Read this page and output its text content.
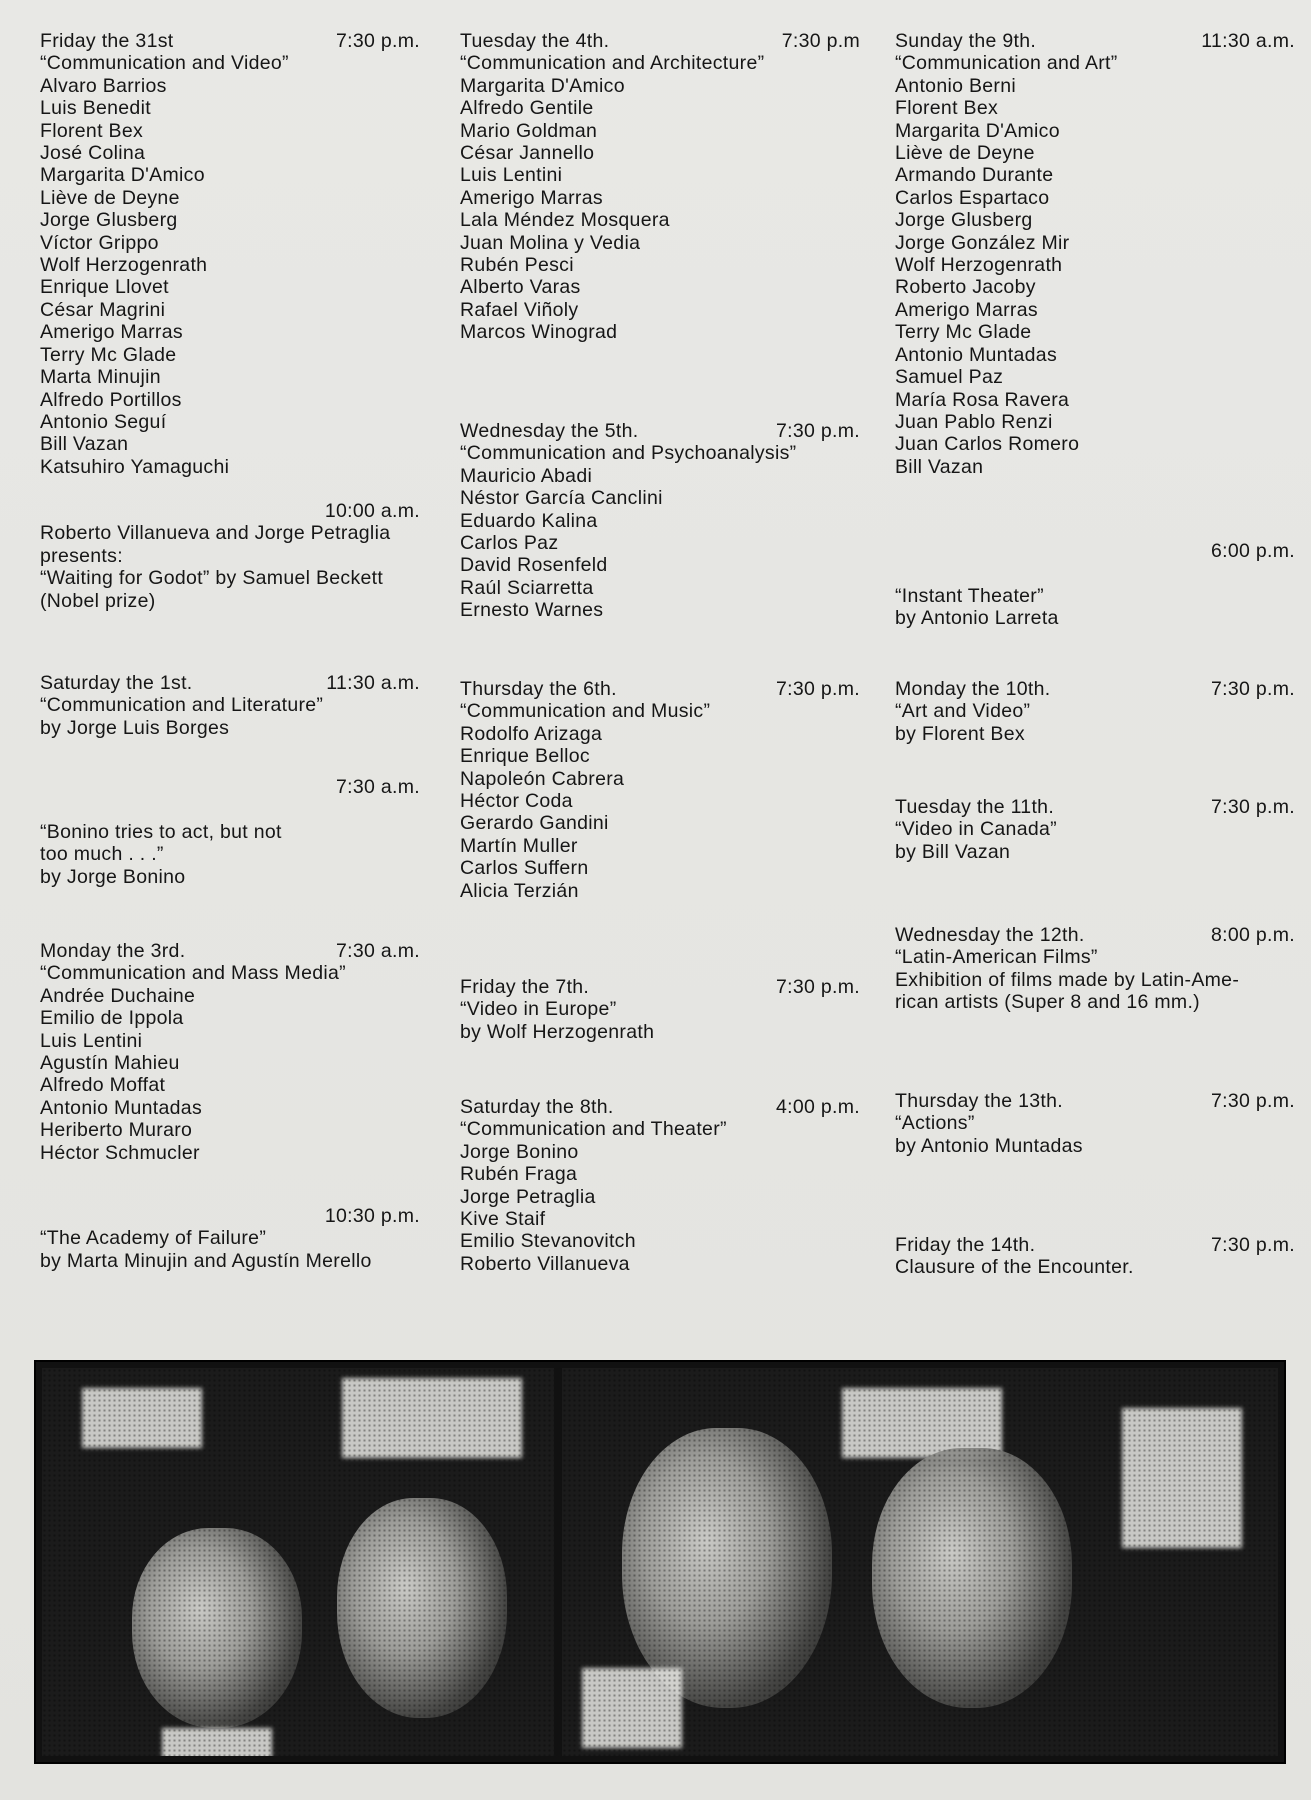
Friday the 31st	7:30 p.m.
“Communication and Video”
Alvaro Barrios
Luis Benedit
Florent Bex
José Colina
Margarita D'Amico
Liève de Deyne
Jorge Glusberg
Víctor Grippo
Wolf Herzogenrath
Enrique Llovet
César Magrini
Amerigo Marras
Terry Mc Glade
Marta Minujin
Alfredo Portillos
Antonio Seguí
Bill Vazan
Katsuhiro Yamaguchi
10:00 a.m.
Roberto Villanueva and Jorge Petraglia
presents:
“Waiting for Godot” by Samuel Beckett
(Nobel prize)
Saturday the 1st.	11:30 a.m.
“Communication and Literature”
by Jorge Luis Borges
7:30 a.m.
“Bonino tries to act, but not
too much . . .”
by Jorge Bonino
Monday the 3rd.	7:30 a.m.
“Communication and Mass Media”
Andrée Duchaine
Emilio de Ippola
Luis Lentini
Agustín Mahieu
Alfredo Moffat
Antonio Muntadas
Heriberto Muraro
Héctor Schmucler
10:30 p.m.
“The Academy of Failure”
by Marta Minujin and Agustín Merello
Tuesday the 4th.	7:30 p.m
“Communication and Architecture”
Margarita D'Amico
Alfredo Gentile
Mario Goldman
César Jannello
Luis Lentini
Amerigo Marras
Lala Méndez Mosquera
Juan Molina y Vedia
Rubén Pesci
Alberto Varas
Rafael Viñoly
Marcos Winograd
Wednesday the 5th.	7:30 p.m.
“Communication and Psychoanalysis”
Mauricio Abadi
Néstor García Canclini
Eduardo Kalina
Carlos Paz
David Rosenfeld
Raúl Sciarretta
Ernesto Warnes
Thursday the 6th.	7:30 p.m.
“Communication and Music”
Rodolfo Arizaga
Enrique Belloc
Napoleón Cabrera
Héctor Coda
Gerardo Gandini
Martín Muller
Carlos Suffern
Alicia Terzián
Friday the 7th.	7:30 p.m.
“Video in Europe”
by Wolf Herzogenrath
Saturday the 8th.	4:00 p.m.
“Communication and Theater”
Jorge Bonino
Rubén Fraga
Jorge Petraglia
Kive Staif
Emilio Stevanovitch
Roberto Villanueva
Sunday the 9th.	11:30 a.m.
“Communication and Art”
Antonio Berni
Florent Bex
Margarita D'Amico
Liève de Deyne
Armando Durante
Carlos Espartaco
Jorge Glusberg
Jorge González Mir
Wolf Herzogenrath
Roberto Jacoby
Amerigo Marras
Terry Mc Glade
Antonio Muntadas
Samuel Paz
María Rosa Ravera
Juan Pablo Renzi
Juan Carlos Romero
Bill Vazan
6:00 p.m.
“Instant Theater”
by Antonio Larreta
Monday the 10th.	7:30 p.m.
“Art and Video”
by Florent Bex
Tuesday the 11th.	7:30 p.m.
“Video in Canada”
by Bill Vazan
Wednesday the 12th.	8:00 p.m.
“Latin-American Films”
Exhibition of films made by Latin-Ame-
rican artists (Super 8 and 16 mm.)
Thursday the 13th.	7:30 p.m.
“Actions”
by Antonio Muntadas
Friday the 14th.	7:30 p.m.
Clausure of the Encounter.
